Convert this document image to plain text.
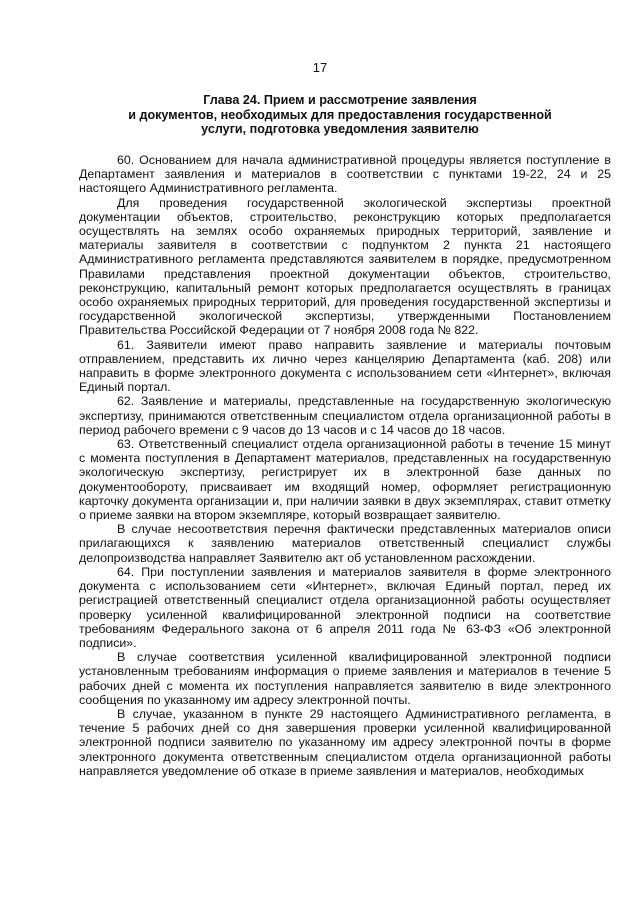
17
Глава 24. Прием и рассмотрение заявления
и документов, необходимых для предоставления государственной
услуги, подготовка уведомления заявителю

60. Основанием для начала административной процедуры является поступление в Департамент заявления и материалов в соответствии с пунктами 19-22, 24 и 25 настоящего Административного регламента.

Для проведения государственной экологической экспертизы проектной документации объектов, строительство, реконструкцию которых предполагается осуществлять на землях особо охраняемых природных территорий, заявление и материалы заявителя в соответствии с подпунктом 2 пункта 21 настоящего Административного регламента представляются заявителем в порядке, предусмотренном Правилами представления проектной документации объектов, строительство, реконструкцию, капитальный ремонт которых предполагается осуществлять в границах особо охраняемых природных территорий, для проведения государственной экспертизы и государственной экологической экспертизы, утвержденными Постановлением Правительства Российской Федерации от 7 ноября 2008 года № 822.

61. Заявители имеют право направить заявление и материалы почтовым отправлением, представить их лично через канцелярию Департамента (каб. 208) или направить в форме электронного документа с использованием сети «Интернет», включая Единый портал.

62. Заявление и материалы, представленные на государственную экологическую экспертизу, принимаются ответственным специалистом отдела организационной работы в период рабочего времени с 9 часов до 13 часов и с 14 часов до 18 часов.

63. Ответственный специалист отдела организационной работы в течение 15 минут с момента поступления в Департамент материалов, представленных на государственную экологическую экспертизу, регистрирует их в электронной базе данных по документообороту, присваивает им входящий номер, оформляет регистрационную карточку документа организации и, при наличии заявки в двух экземплярах, ставит отметку о приеме заявки на втором экземпляре, который возвращает заявителю.

В случае несоответствия перечня фактически представленных материалов описи прилагающихся к заявлению материалов ответственный специалист службы делопроизводства направляет Заявителю акт об установленном расхождении.

64. При поступлении заявления и материалов заявителя в форме электронного документа с использованием сети «Интернет», включая Единый портал, перед их регистрацией ответственный специалист отдела организационной работы осуществляет проверку усиленной квалифицированной электронной подписи на соответствие требованиям Федерального закона от 6 апреля 2011 года № 63-ФЗ «Об электронной подписи».

В случае соответствия усиленной квалифицированной электронной подписи установленным требованиям информация о приеме заявления и материалов в течение 5 рабочих дней с момента их поступления направляется заявителю в виде электронного сообщения по указанному им адресу электронной почты.

В случае, указанном в пункте 29 настоящего Административного регламента, в течение 5 рабочих дней со дня завершения проверки усиленной квалифицированной электронной подписи заявителю по указанному им адресу электронной почты в форме электронного документа ответственным специалистом отдела организационной работы направляется уведомление об отказе в приеме заявления и материалов, необходимых
